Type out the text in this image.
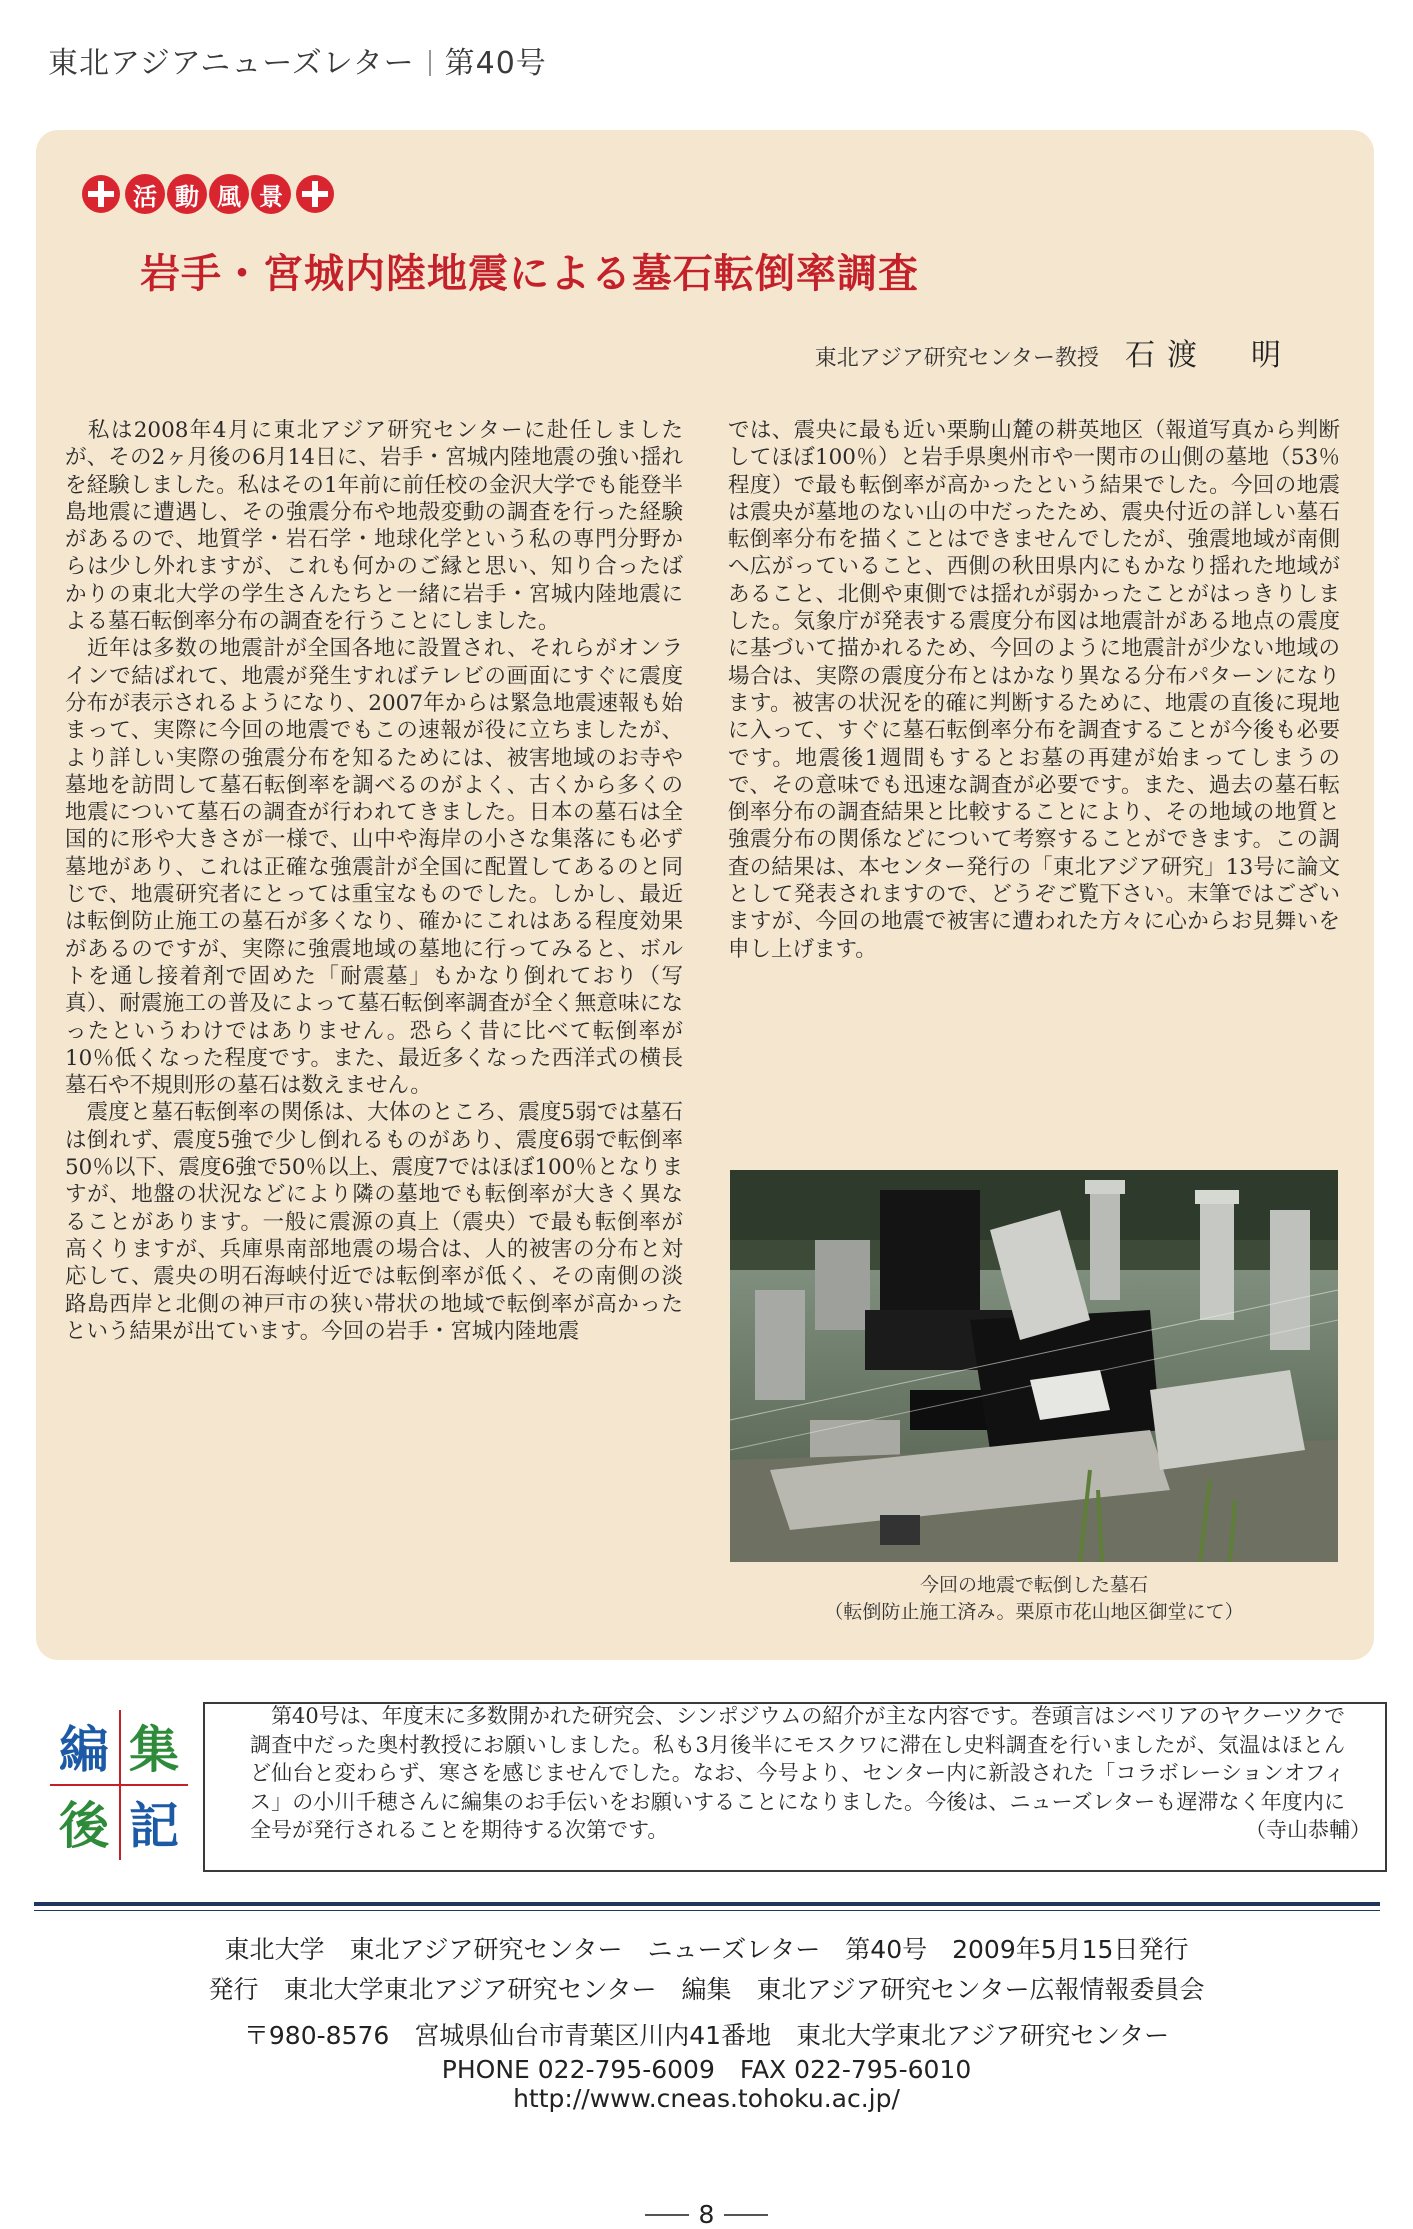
東北アジアニューズレター 第40号
活 動 風 景
岩手・宮城内陸地震による墓石転倒率調査
東北アジア研究センター教授 石渡　明
　私は2008年4月に東北アジア研究センターに赴任しましたが、その2ヶ月後の6月14日に、岩手・宮城内陸地震の強い揺れを経験しました。私はその1年前に前任校の金沢大学でも能登半島地震に遭遇し、その強震分布や地殻変動の調査を行った経験があるので、地質学・岩石学・地球化学という私の専門分野からは少し外れますが、これも何かのご縁と思い、知り合ったばかりの東北大学の学生さんたちと一緒に岩手・宮城内陸地震による墓石転倒率分布の調査を行うことにしました。
　近年は多数の地震計が全国各地に設置され、それらがオンラインで結ばれて、地震が発生すればテレビの画面にすぐに震度分布が表示されるようになり、2007年からは緊急地震速報も始まって、実際に今回の地震でもこの速報が役に立ちましたが、より詳しい実際の強震分布を知るためには、被害地域のお寺や墓地を訪問して墓石転倒率を調べるのがよく、古くから多くの地震について墓石の調査が行われてきました。日本の墓石は全国的に形や大きさが一様で、山中や海岸の小さな集落にも必ず墓地があり、これは正確な強震計が全国に配置してあるのと同じで、地震研究者にとっては重宝なものでした。しかし、最近は転倒防止施工の墓石が多くなり、確かにこれはある程度効果があるのですが、実際に強震地域の墓地に行ってみると、ボルトを通し接着剤で固めた「耐震墓」もかなり倒れており（写真）、耐震施工の普及によって墓石転倒率調査が全く無意味になったというわけではありません。恐らく昔に比べて転倒率が10％低くなった程度です。また、最近多くなった西洋式の横長墓石や不規則形の墓石は数えません。
　震度と墓石転倒率の関係は、大体のところ、震度5弱では墓石は倒れず、震度5強で少し倒れるものがあり、震度6弱で転倒率50％以下、震度6強で50％以上、震度7ではほぼ100％となりますが、地盤の状況などにより隣の墓地でも転倒率が大きく異なることがあります。一般に震源の真上（震央）で最も転倒率が高くりますが、兵庫県南部地震の場合は、人的被害の分布と対応して、震央の明石海峡付近では転倒率が低く、その南側の淡路島西岸と北側の神戸市の狭い帯状の地域で転倒率が高かったという結果が出ています。今回の岩手・宮城内陸地震
では、震央に最も近い栗駒山麓の耕英地区（報道写真から判断してほぼ100％）と岩手県奥州市や一関市の山側の墓地（53％程度）で最も転倒率が高かったという結果でした。今回の地震は震央が墓地のない山の中だったため、震央付近の詳しい墓石転倒率分布を描くことはできませんでしたが、強震地域が南側へ広がっていること、西側の秋田県内にもかなり揺れた地域があること、北側や東側では揺れが弱かったことがはっきりしました。気象庁が発表する震度分布図は地震計がある地点の震度に基づいて描かれるため、今回のように地震計が少ない地域の場合は、実際の震度分布とはかなり異なる分布パターンになります。被害の状況を的確に判断するために、地震の直後に現地に入って、すぐに墓石転倒率分布を調査することが今後も必要です。地震後1週間もするとお墓の再建が始まってしまうので、その意味でも迅速な調査が必要です。また、過去の墓石転倒率分布の調査結果と比較することにより、その地域の地質と強震分布の関係などについて考察することができます。この調査の結果は、本センター発行の「東北アジア研究」13号に論文として発表されますので、どうぞご覧下さい。末筆ではございますが、今回の地震で被害に遭われた方々に心からお見舞いを申し上げます。
今回の地震で転倒した墓石
（転倒防止施工済み。栗原市花山地区御堂にて）
編 集
後 記
　第40号は、年度末に多数開かれた研究会、シンポジウムの紹介が主な内容です。巻頭言はシベリアのヤクーツクで調査中だった奥村教授にお願いしました。私も3月後半にモスクワに滞在し史料調査を行いましたが、気温はほとんど仙台と変わらず、寒さを感じませんでした。なお、今号より、センター内に新設された「コラボレーションオフィス」の小川千穂さんに編集のお手伝いをお願いすることになりました。今後は、ニューズレターも遅滞なく年度内に全号が発行されることを期待する次第です。	（寺山恭輔）
東北大学　東北アジア研究センター　ニューズレター　第40号　2009年5月15日発行
発行　東北大学東北アジア研究センター　編集　東北アジア研究センター広報情報委員会
〒980-8576　宮城県仙台市青葉区川内41番地　東北大学東北アジア研究センター
PHONE 022-795-6009　FAX 022-795-6010
http://www.cneas.tohoku.ac.jp/
8
